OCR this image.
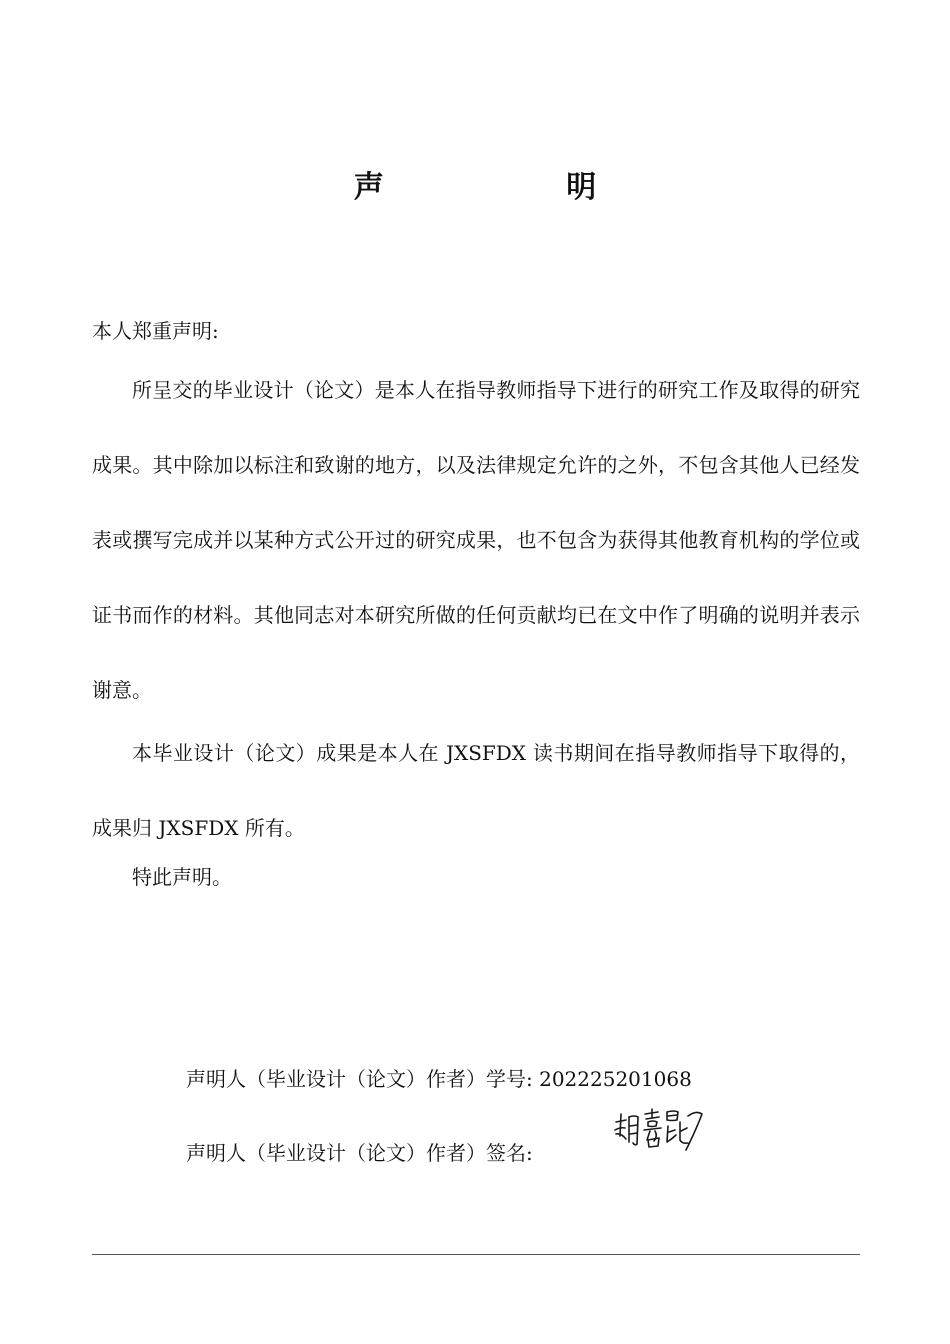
声 明
本人郑重声明:
所呈交的毕业设计（论文）是本人在指导教师指导下进行的研究工作及取得的研究成果。其中除加以标注和致谢的地方，以及法律规定允许的之外，不包含其他人已经发表或撰写完成并以某种方式公开过的研究成果，也不包含为获得其他教育机构的学位或证书而作的材料。其他同志对本研究所做的任何贡献均已在文中作了明确的说明并表示谢意。
本毕业设计（论文）成果是本人在 JXSFDX 读书期间在指导教师指导下取得的，成果归 JXSFDX 所有。
特此声明。
声明人（毕业设计（论文）作者）学号: 202225201068
声明人（毕业设计（论文）作者）签名:
